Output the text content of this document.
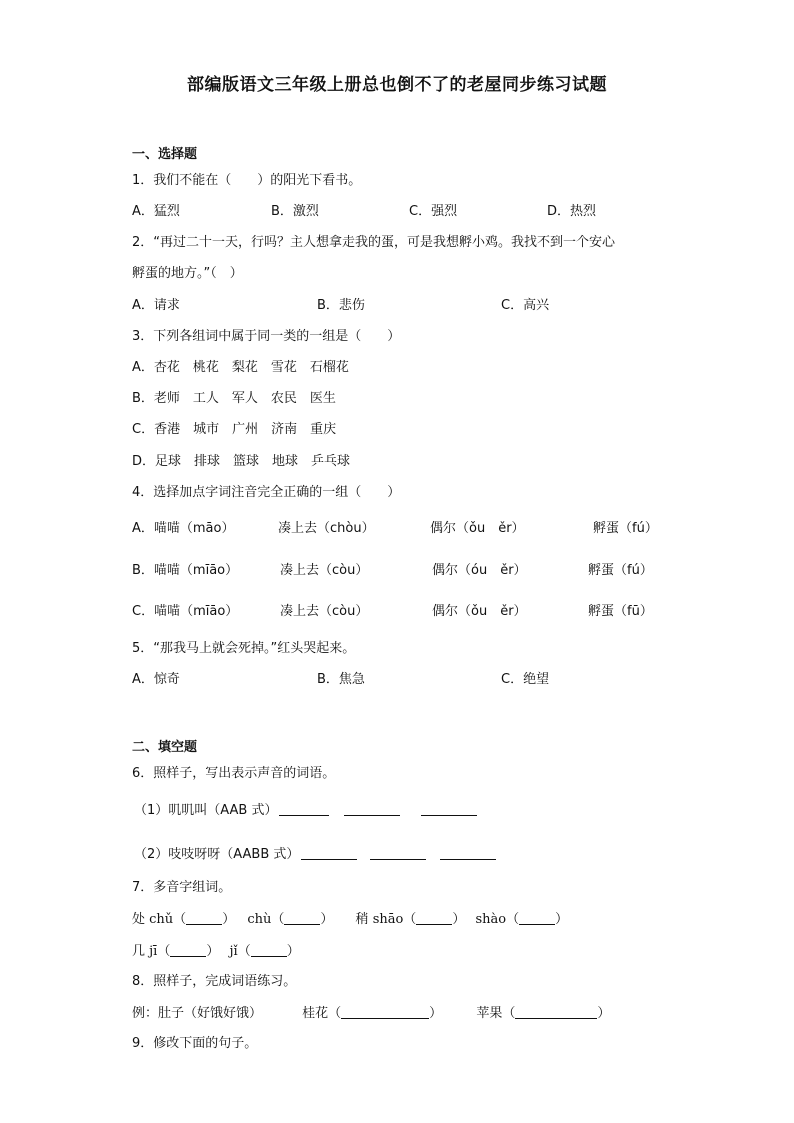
部编版语文三年级上册总也倒不了的老屋同步练习试题
一、选择题
1．我们不能在（　　）的阳光下看书。
A．猛烈	B．激烈	C．强烈	D．热烈
2．“再过二十一天，行吗？主人想拿走我的蛋，可是我想孵小鸡。我找不到一个安心
孵蛋的地方。”（　）
A．请求	B．悲伤	C．高兴
3．下列各组词中属于同一类的一组是（　　）
A．杏花　桃花　梨花　雪花　石榴花
B．老师　工人　军人　农民　医生
C．香港　城市　广州　济南　重庆
D．足球　排球　篮球　地球　乒乓球
4．选择加点字词注音完全正确的一组（　　）
A．喵喵（māo）	凑上去（chòu）	偶尔（ǒu　ěr）	孵蛋（fú）
B．喵喵（mīāo）	凑上去（còu）	偶尔（óu　ěr）	孵蛋（fú）
C．喵喵（mīāo）	凑上去（còu）	偶尔（ǒu　ěr）	孵蛋（fū）
5．“那我马上就会死掉。”红头哭起来。
A．惊奇	B．焦急	C．绝望
二、填空题
6．照样子，写出表示声音的词语。
（1）叽叽叫（AAB 式）
（2）吱吱呀呀（AABB 式）
7．多音字组词。
处 chǔ（	） chù（	） 稍 shāo（	） shào（	）
几 jī（	） jǐ（	）
8．照样子，完成词语练习。
例：肚子（好饿好饿）	桂花（	）	苹果（	）
9．修改下面的句子。
